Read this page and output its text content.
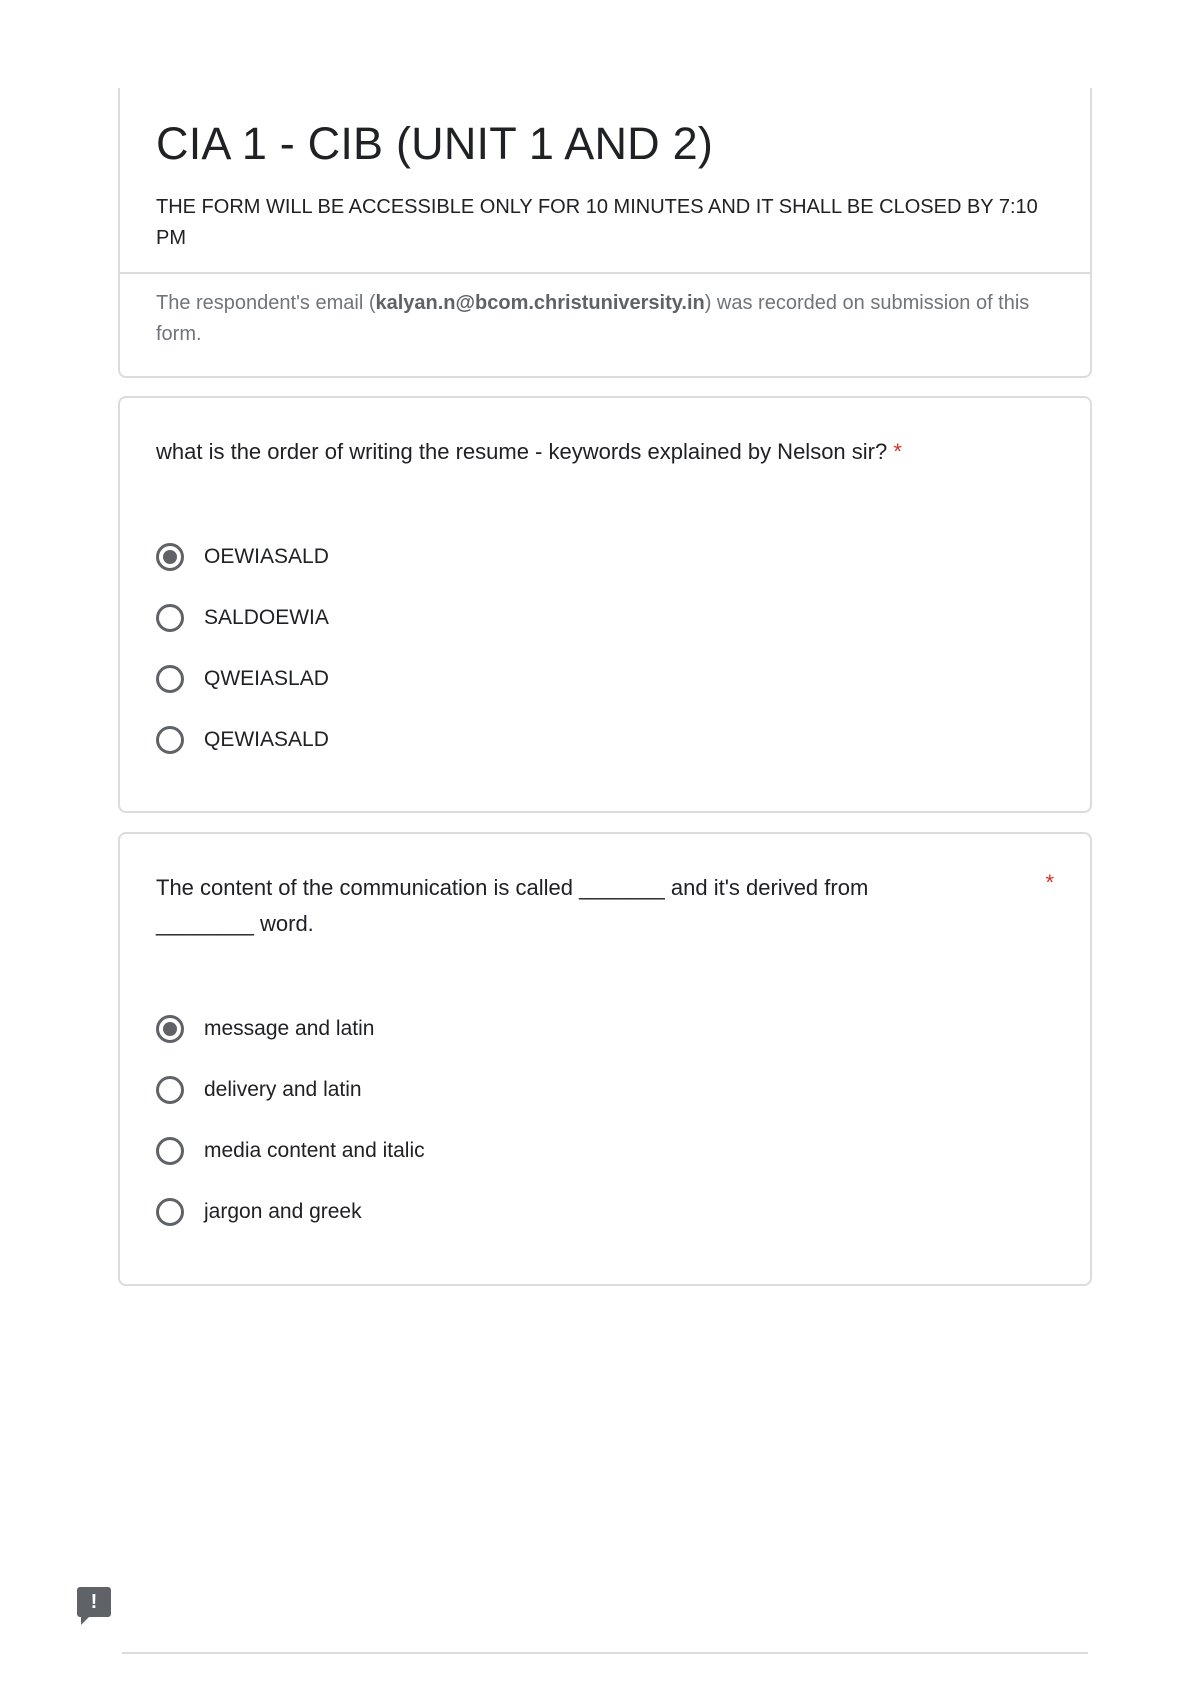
CIA 1 - CIB (UNIT 1 AND 2)
THE FORM WILL BE ACCESSIBLE ONLY FOR 10 MINUTES AND IT SHALL BE CLOSED BY 7:10 PM
The respondent's email (kalyan.n@bcom.christuniversity.in) was recorded on submission of this form.

what is the order of writing the resume - keywords explained by Nelson sir? *

OEWIASALD
SALDOEWIA
QWEIASLAD
QEWIASALD

The content of the communication is called _______ and it's derived from ________ word.

*
message and latin
delivery and latin
media content and italic
jargon and greek
!
